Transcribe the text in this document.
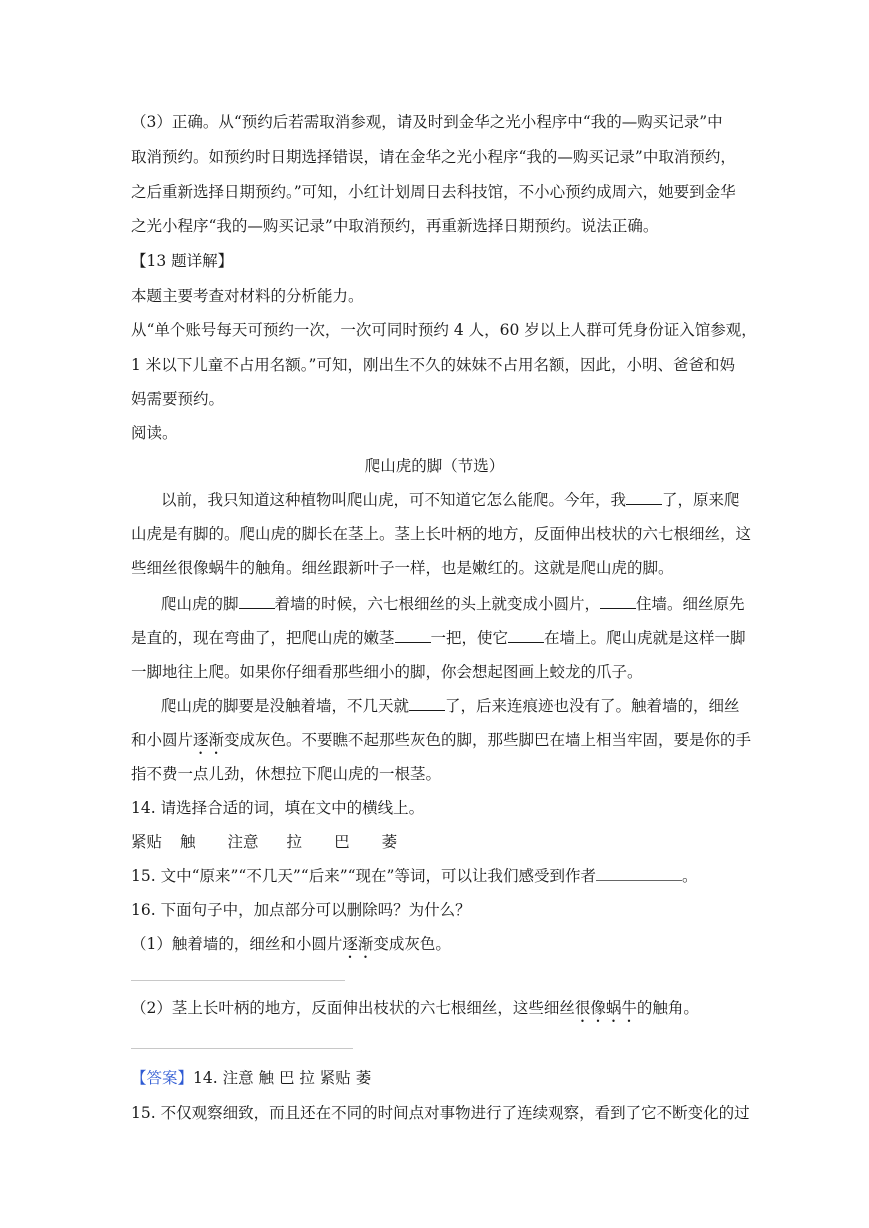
（3）正确。从“预约后若需取消参观，请及时到金华之光小程序中“我的—购买记录”中
取消预约。如预约时日期选择错误，请在金华之光小程序“我的—购买记录”中取消预约，
之后重新选择日期预约。”可知，小红计划周日去科技馆，不小心预约成周六，她要到金华
之光小程序“我的—购买记录”中取消预约，再重新选择日期预约。说法正确。
【13 题详解】
本题主要考查对材料的分析能力。
从“单个账号每天可预约一次，一次可同时预约 4 人，60 岁以上人群可凭身份证入馆参观，
1 米以下儿童不占用名额。”可知，刚出生不久的妹妹不占用名额，因此，小明、爸爸和妈
妈需要预约。
阅读。
爬山虎的脚（节选）
以前，我只知道这种植物叫爬山虎，可不知道它怎么能爬。今年，我 了，原来爬
山虎是有脚的。爬山虎的脚长在茎上。茎上长叶柄的地方，反面伸出枝状的六七根细丝，这
些细丝很像蜗牛的触角。细丝跟新叶子一样，也是嫩红的。这就是爬山虎的脚。
爬山虎的脚 着墙的时候，六七根细丝的头上就变成小圆片， 住墙。细丝原先
是直的，现在弯曲了，把爬山虎的嫩茎 一把，使它 在墙上。爬山虎就是这样一脚
一脚地往上爬。如果你仔细看那些细小的脚，你会想起图画上蛟龙的爪子。
爬山虎的脚要是没触着墙，不几天就 了，后来连痕迹也没有了。触着墙的，细丝
和小圆片逐渐变成灰色。不要瞧不起那些灰色的脚，那些脚巴在墙上相当牢固，要是你的手
指不费一点儿劲，休想拉下爬山虎的一根茎。
14. 请选择合适的词，填在文中的横线上。
紧贴 触 注意 拉 巴 萎
15. 文中“原来”“不几天”“后来”“现在”等词，可以让我们感受到作者	。
16. 下面句子中，加点部分可以删除吗？为什么？
（1）触着墙的，细丝和小圆片逐渐变成灰色。
（2）茎上长叶柄的地方，反面伸出枝状的六七根细丝，这些细丝很像蜗牛的触角。
【答案】14. 注意 触 巴 拉 紧贴 萎
15. 不仅观察细致，而且还在不同的时间点对事物进行了连续观察，看到了它不断变化的过
